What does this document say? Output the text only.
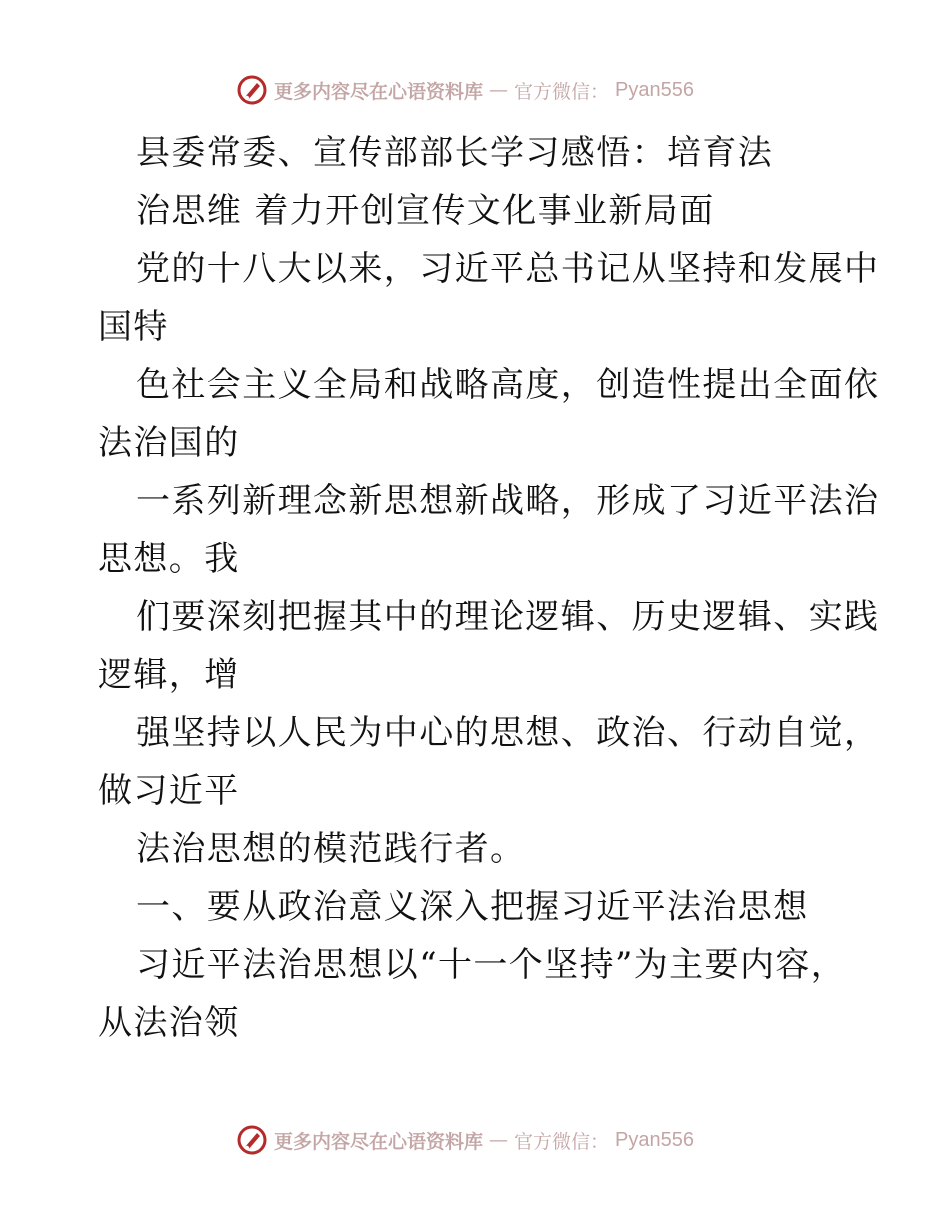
更多内容尽在心语资料库 — 官方微信： Pyan556
县委常委、宣传部部长学习感悟：培育法
治思维 着力开创宣传文化事业新局面
党的十八大以来，习近平总书记从坚持和发展中
国特
色社会主义全局和战略高度，创造性提出全面依
法治国的
一系列新理念新思想新战略，形成了习近平法治
思想。我
们要深刻把握其中的理论逻辑、历史逻辑、实践
逻辑，增
强坚持以人民为中心的思想、政治、行动自觉，
做习近平
法治思想的模范践行者。
一、要从政治意义深入把握习近平法治思想
习近平法治思想以“十一个坚持”为主要内容，
从法治领
更多内容尽在心语资料库 — 官方微信： Pyan556
